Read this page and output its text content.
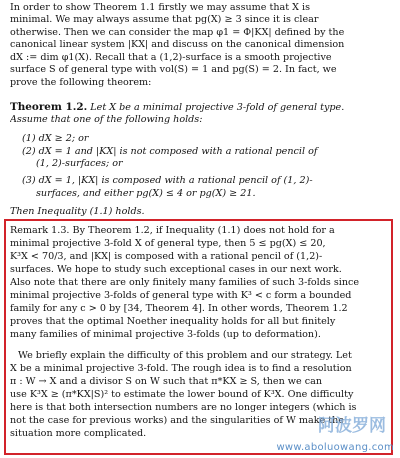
In order to show Theorem 1.1 firstly we may assume that X is
minimal. We may always assume that pg(X) ≥ 3 since it is clear
otherwise. Then we can consider the map φ1 = Φ|KX| defined by the
canonical linear system |KX| and discuss on the canonical dimension
dX := dim φ1(X). Recall that a (1,2)-surface is a smooth projective
surface S of general type with vol(S) = 1 and pg(S) = 2. In fact, we
prove the following theorem:
Theorem 1.2. Let X be a minimal projective 3-fold of general type.
Assume that one of the following holds:
(1) dX ≥ 2; or
(2) dX = 1 and |KX| is not composed with a rational pencil of
(1, 2)-surfaces; or
(3) dX = 1, |KX| is composed with a rational pencil of (1, 2)-
surfaces, and either pg(X) ≤ 4 or pg(X) ≥ 21.
Then Inequality (1.1) holds.
Remark 1.3. By Theorem 1.2, if Inequality (1.1) does not hold for a
minimal projective 3-fold X of general type, then 5 ≤ pg(X) ≤ 20,
K³X < 70/3, and |KX| is composed with a rational pencil of (1,2)-
surfaces. We hope to study such exceptional cases in our next work.
Also note that there are only finitely many families of such 3-folds since
minimal projective 3-folds of general type with K³ < c form a bounded
family for any c > 0 by [34, Theorem 4]. In other words, Theorem 1.2
proves that the optimal Noether inequality holds for all but finitely
many families of minimal projective 3-folds (up to deformation).
We briefly explain the difficulty of this problem and our strategy. Let
X be a minimal projective 3-fold. The rough idea is to find a resolution
π : W → X and a divisor S on W such that π*KX ≥ S, then we can
use K³X ≥ (π*KX|S)² to estimate the lower bound of K³X. One difficulty
here is that both intersection numbers are no longer integers (which is
not the case for previous works) and the singularities of W make the
situation more complicated.	阿波罗网
www.aboluowang.com
